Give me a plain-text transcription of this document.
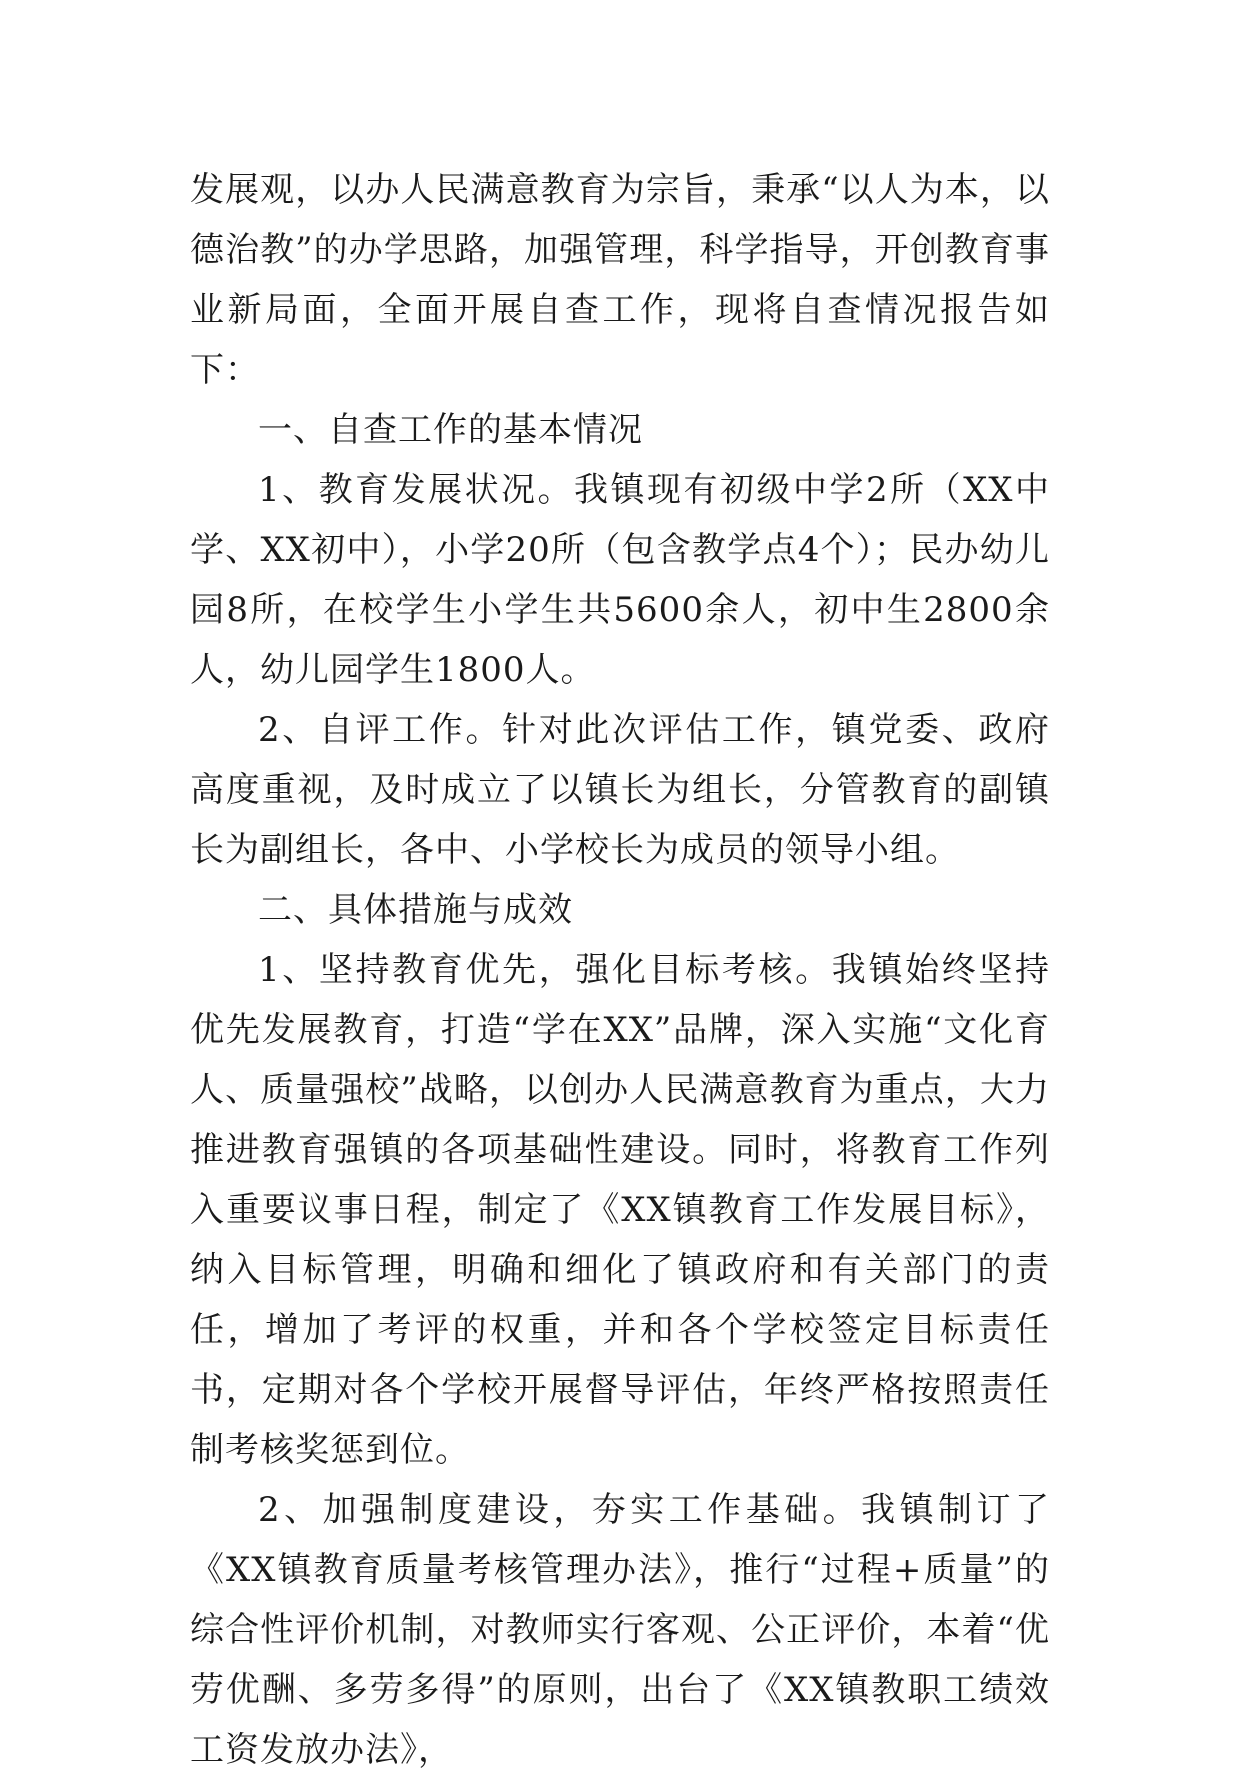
发展观，以办人民满意教育为宗旨，秉承“以人为本，以德治教”的办学思路，加强管理，科学指导，开创教育事业新局面，全面开展自查工作，现将自查情况报告如下：

一、自查工作的基本情况

1、教育发展状况。我镇现有初级中学2所（XX中学、XX初中），小学20所（包含教学点4个）；民办幼儿园8所，在校学生小学生共5600余人，初中生2800余人，幼儿园学生1800人。

2、自评工作。针对此次评估工作，镇党委、政府高度重视，及时成立了以镇长为组长，分管教育的副镇长为副组长，各中、小学校长为成员的领导小组。

二、具体措施与成效

1、坚持教育优先，强化目标考核。我镇始终坚持优先发展教育，打造“学在XX”品牌，深入实施“文化育人、质量强校”战略，以创办人民满意教育为重点，大力推进教育强镇的各项基础性建设。同时，将教育工作列入重要议事日程，制定了《XX镇教育工作发展目标》，纳入目标管理，明确和细化了镇政府和有关部门的责任，增加了考评的权重，并和各个学校签定目标责任书，定期对各个学校开展督导评估，年终严格按照责任制考核奖惩到位。

2、加强制度建设，夯实工作基础。我镇制订了《XX镇教育质量考核管理办法》，推行“过程+质量”的综合性评价机制，对教师实行客观、公正评价，本着“优劳优酬、多劳多得”的原则，出台了《XX镇教职工绩效工资发放办法》，
